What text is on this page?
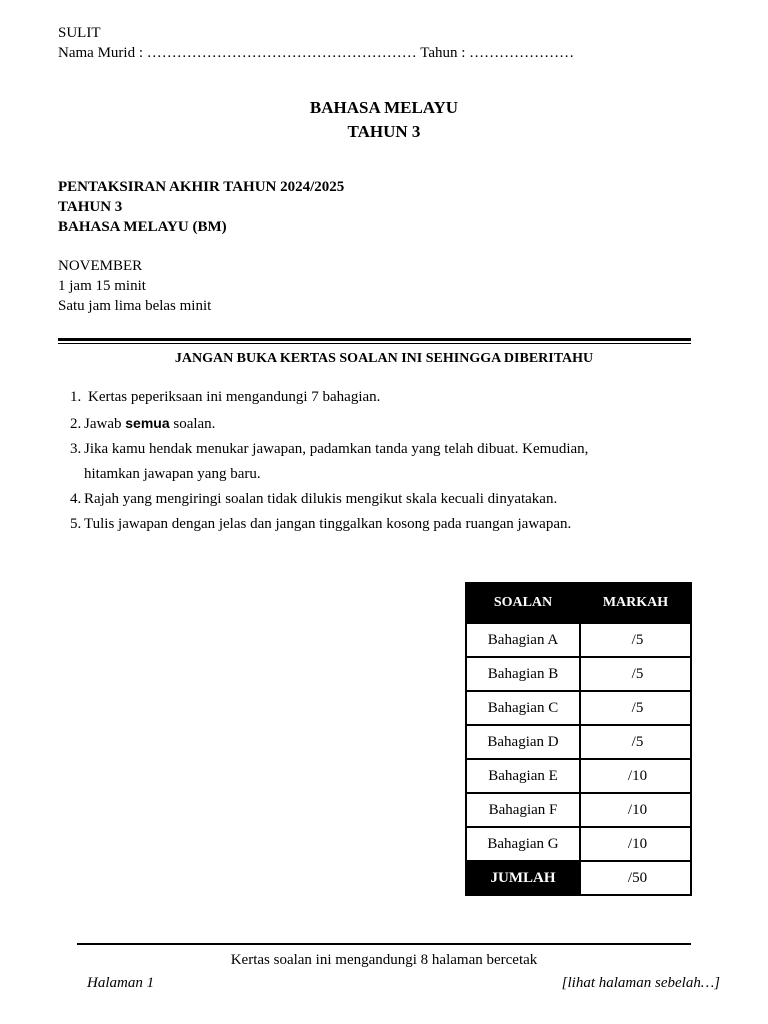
SULIT
Nama Murid : ……………………………………………… Tahun : …………………
BAHASA MELAYU
TAHUN 3
PENTAKSIRAN AKHIR TAHUN 2024/2025
TAHUN 3
BAHASA MELAYU (BM)
NOVEMBER
1 jam 15 minit
Satu jam lima belas minit
JANGAN BUKA KERTAS SOALAN INI SEHINGGA DIBERITAHU
1. Kertas peperiksaan ini mengandungi 7 bahagian.
2. Jawab semua soalan.
3. Jika kamu hendak menukar jawapan, padamkan tanda yang telah dibuat. Kemudian,
hitamkan jawapan yang baru.
4. Rajah yang mengiringi soalan tidak dilukis mengikut skala kecuali dinyatakan.
5. Tulis jawapan dengan jelas dan jangan tinggalkan kosong pada ruangan jawapan.
SOALAN	MARKAH
Bahagian A	/5
Bahagian B	/5
Bahagian C	/5
Bahagian D	/5
Bahagian E	/10
Bahagian F	/10
Bahagian G	/10
JUMLAH	/50
Kertas soalan ini mengandungi 8 halaman bercetak
Halaman 1	[lihat halaman sebelah…]
